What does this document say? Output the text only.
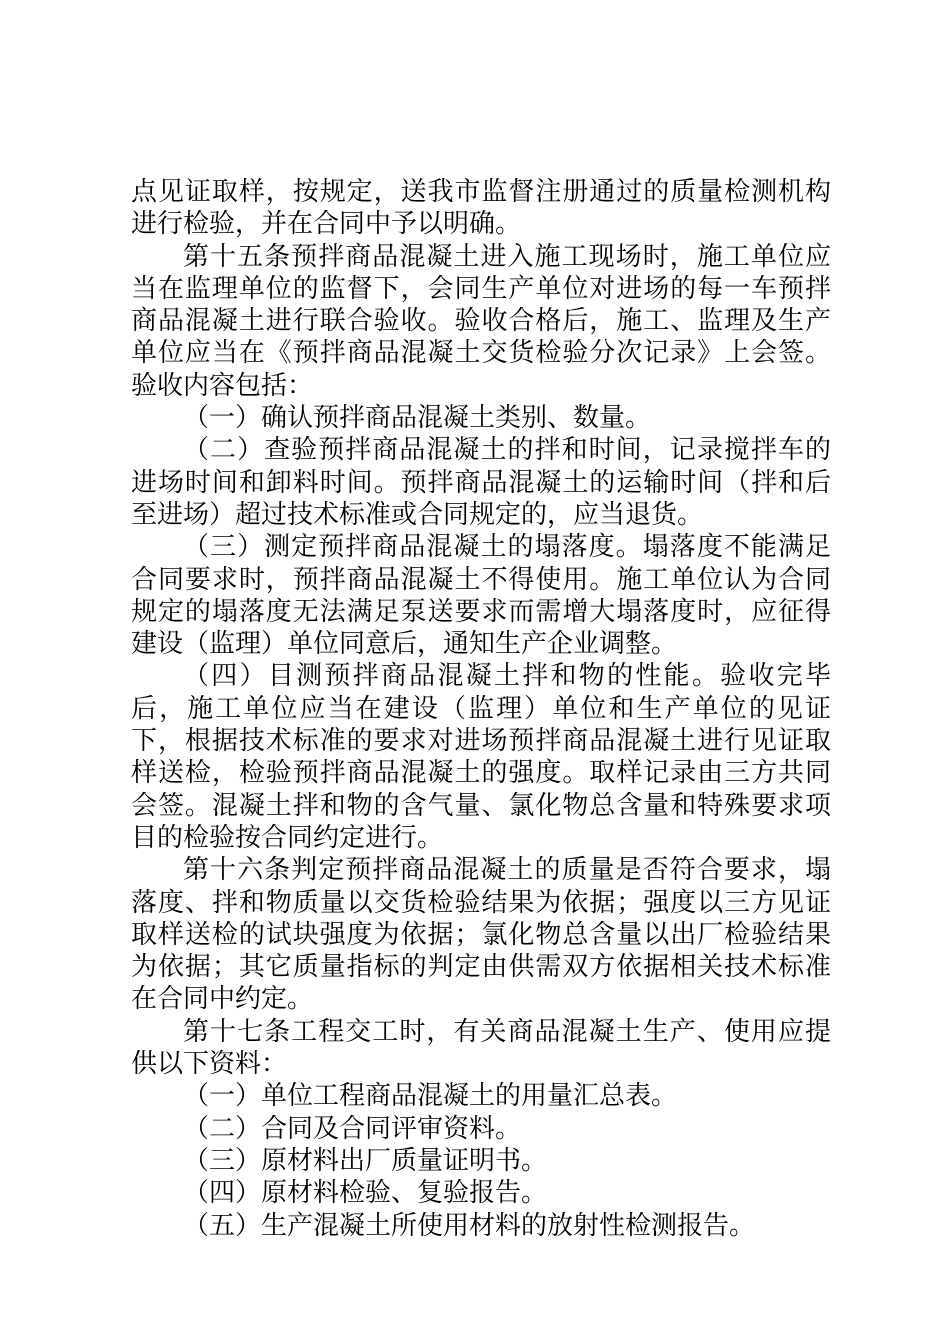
点见证取样，按规定，送我市监督注册通过的质量检测机构进行检验，并在合同中予以明确。

第十五条预拌商品混凝土进入施工现场时，施工单位应当在监理单位的监督下，会同生产单位对进场的每一车预拌商品混凝土进行联合验收。验收合格后，施工、监理及生产单位应当在《预拌商品混凝土交货检验分次记录》上会签。验收内容包括：

（一）确认预拌商品混凝土类别、数量。

（二）查验预拌商品混凝土的拌和时间，记录搅拌车的进场时间和卸料时间。预拌商品混凝土的运输时间（拌和后至进场）超过技术标准或合同规定的，应当退货。

（三）测定预拌商品混凝土的塌落度。塌落度不能满足合同要求时，预拌商品混凝土不得使用。施工单位认为合同规定的塌落度无法满足泵送要求而需增大塌落度时，应征得建设（监理）单位同意后，通知生产企业调整。

（四）目测预拌商品混凝土拌和物的性能。验收完毕后，施工单位应当在建设（监理）单位和生产单位的见证下，根据技术标准的要求对进场预拌商品混凝土进行见证取样送检，检验预拌商品混凝土的强度。取样记录由三方共同会签。混凝土拌和物的含气量、氯化物总含量和特殊要求项目的检验按合同约定进行。

第十六条判定预拌商品混凝土的质量是否符合要求，塌落度、拌和物质量以交货检验结果为依据；强度以三方见证取样送检的试块强度为依据；氯化物总含量以出厂检验结果为依据；其它质量指标的判定由供需双方依据相关技术标准在合同中约定。

第十七条工程交工时，有关商品混凝土生产、使用应提供以下资料：

（一）单位工程商品混凝土的用量汇总表。

（二）合同及合同评审资料。

（三）原材料出厂质量证明书。

（四）原材料检验、复验报告。

（五）生产混凝土所使用材料的放射性检测报告。
